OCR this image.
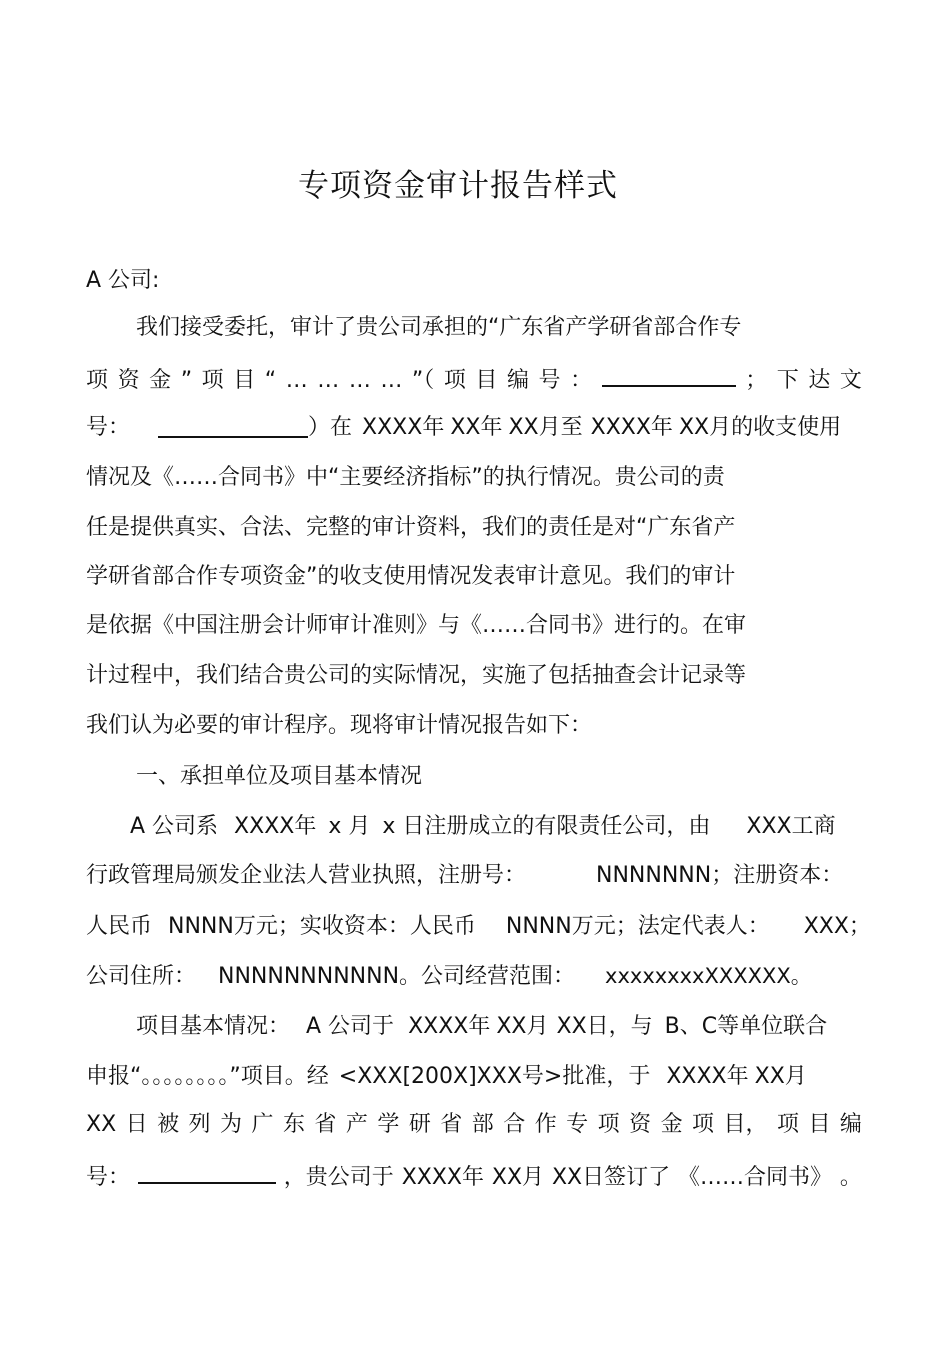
专项资金审计报告样式
A 公司:
我们接受委托，审计了贵公司承担的“广东省产学研省部合作专
项 资 金 ” 项 目 “ … … … … ”（ 项 目 编 号 ：	； 下 达 文
号：	）在 XXXX年 XX年 XX月至 XXXX年 XX月的收支使用
情况及《……合同书》中“主要经济指标”的执行情况。贵公司的责
任是提供真实、合法、完整的审计资料，我们的责任是对“广东省产
学研省部合作专项资金”的收支使用情况发表审计意见。我们的审计
是依据《中国注册会计师审计准则》与《……合同书》进行的。在审
计过程中，我们结合贵公司的实际情况，实施了包括抽查会计记录等
我们认为必要的审计程序。现将审计情况报告如下：
一、承担单位及项目基本情况
A 公司系 XXXX年 x 月 x 日注册成立的有限责任公司，由 XXX工商
行政管理局颁发企业法人营业执照，注册号：	NNNNNNN；注册资本：
人民币 NNNN万元；实收资本：人民币 NNNN万元；法定代表人： XXX；
公司住所： NNNNNNNNNNN。公司经营范围： xxxxxxxxXXXXXX。
项目基本情况： A 公司于 XXXX年 XX月 XX日，与 B、C等单位联合
申报“。。。。。。。。”项目。经 <XXX[200X]XXX号>批准，于 XXXX年 XX月
XX 日 被 列 为 广 东 省 产 学 研 省 部 合 作 专 项 资 金 项 目， 项 目 编
号：	，贵公司于 XXXX年 XX月 XX日签订了 《……合同书》 。
